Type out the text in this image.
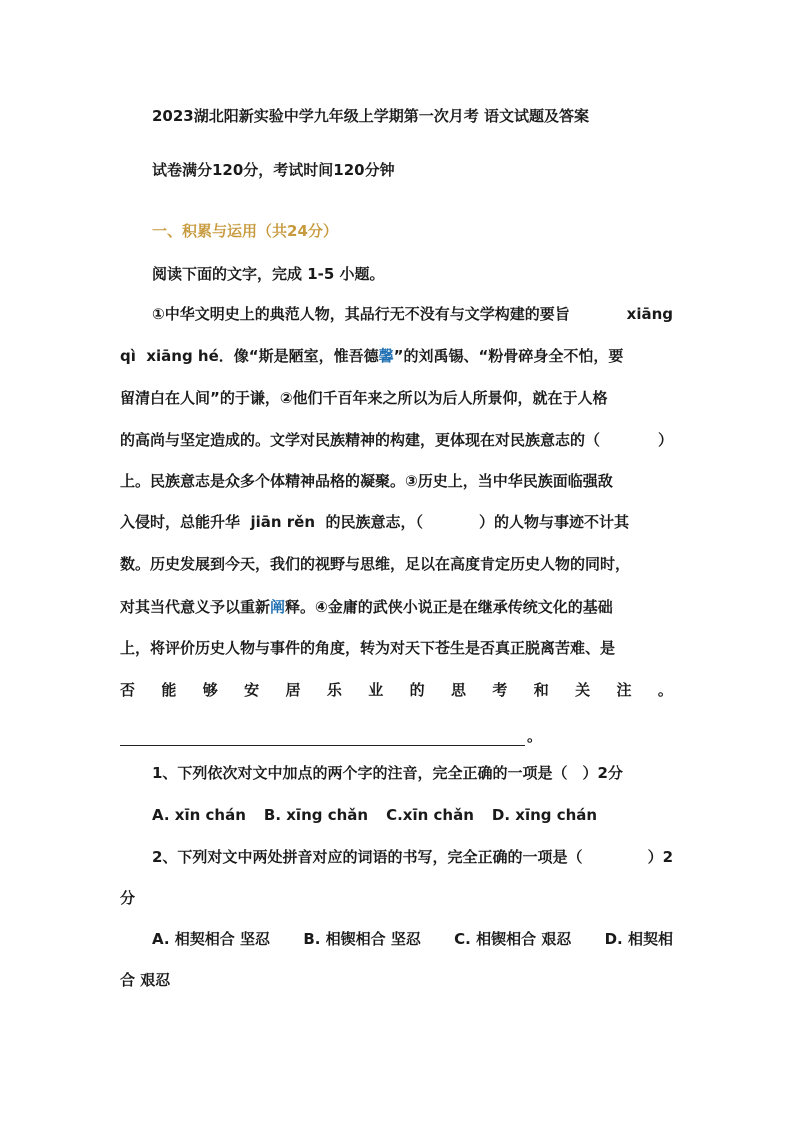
2023湖北阳新实验中学九年级上学期第一次月考 语文试题及答案
试卷满分120分，考试时间120分钟
一、积累与运用（共24分）
阅读下面的文字，完成 1-5 小题。
①中华文明史上的典范人物，其品行无不没有与文学构建的要旨	xiāng
qì xiāng hé．像“斯是陋室，惟吾德馨”的刘禹锡、“粉骨碎身全不怕，要
留清白在人间”的于谦，②他们千百年来之所以为后人所景仰，就在于人格
的高尚与坚定造成的。文学对民族精神的构建，更体现在对民族意志的（	）
上。民族意志是众多个体精神品格的凝聚。③历史上，当中华民族面临强敌
入侵时，总能升华 jiān rěn 的民族意志，（	）的人物与事迹不计其
数。历史发展到今天，我们的视野与思维，足以在高度肯定历史人物的同时，
对其当代意义予以重新阐释。④金庸的武侠小说正是在继承传统文化的基础
上，将评价历史人物与事件的角度，转为对天下苍生是否真正脱离苦难、是
否 能 够 安 居 乐 业 的 思 考 和 关 注 。
。
1、下列依次对文中加点的两个字的注音，完全正确的一项是（　）2分
A. xīn chán B. xīng chǎn C.xīn chǎn D. xīng chán
2、下列对文中两处拼音对应的词语的书写，完全正确的一项是（	）2
分
A. 相契相合 坚忍 B. 相锲相合 坚忍 C. 相锲相合 艰忍 D. 相契相
合 艰忍
